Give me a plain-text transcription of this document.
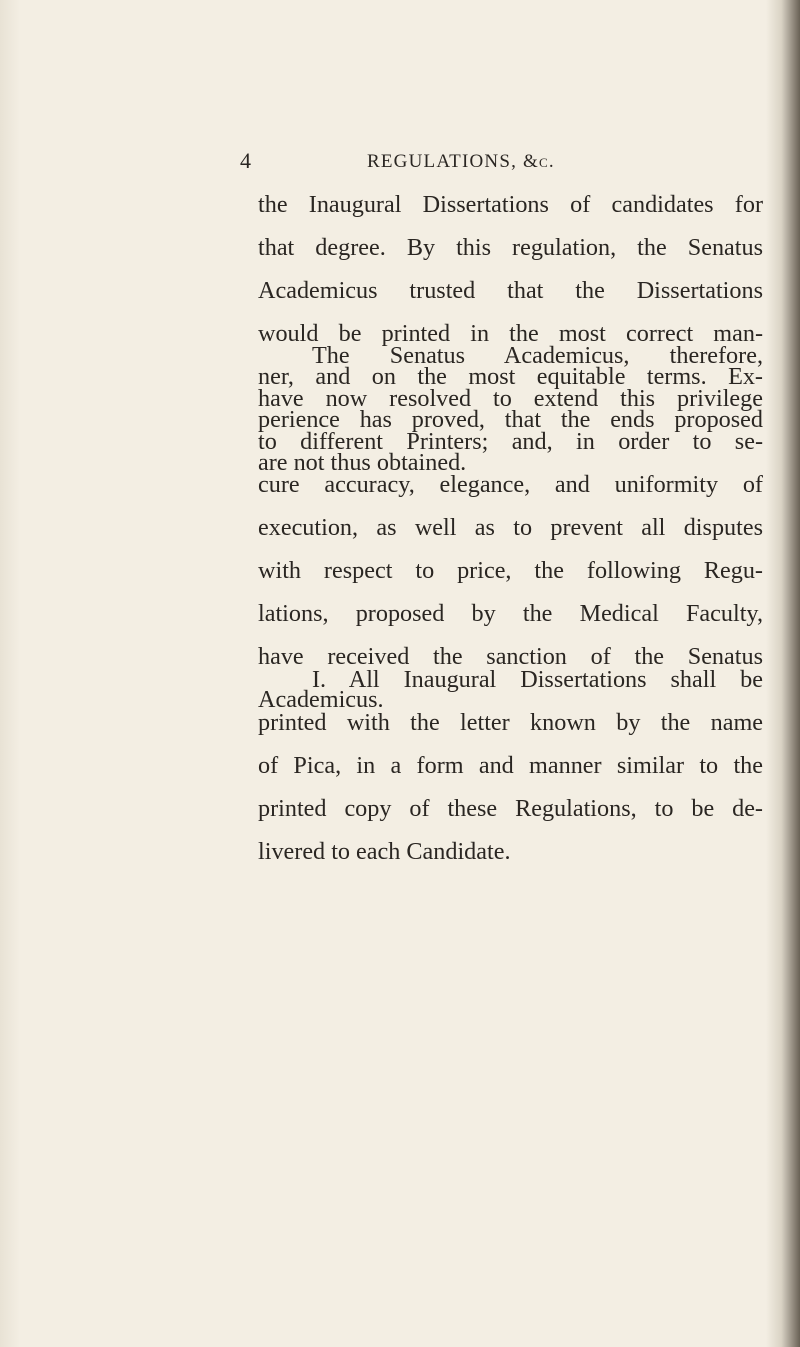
4	REGULATIONS, &c.
the Inaugural Dissertations of candidates for
that degree. By this regulation, the Senatus
Academicus trusted that the Dissertations
would be printed in the most correct man-
ner, and on the most equitable terms. Ex-
perience has proved, that the ends proposed
are not thus obtained.
The Senatus Academicus, therefore,
have now resolved to extend this privilege
to different Printers; and, in order to se-
cure accuracy, elegance, and uniformity of
execution, as well as to prevent all disputes
with respect to price, the following Regu-
lations, proposed by the Medical Faculty,
have received the sanction of the Senatus
Academicus.
I. All Inaugural Dissertations shall be
printed with the letter known by the name
of Pica, in a form and manner similar to the
printed copy of these Regulations, to be de-
livered to each Candidate.
